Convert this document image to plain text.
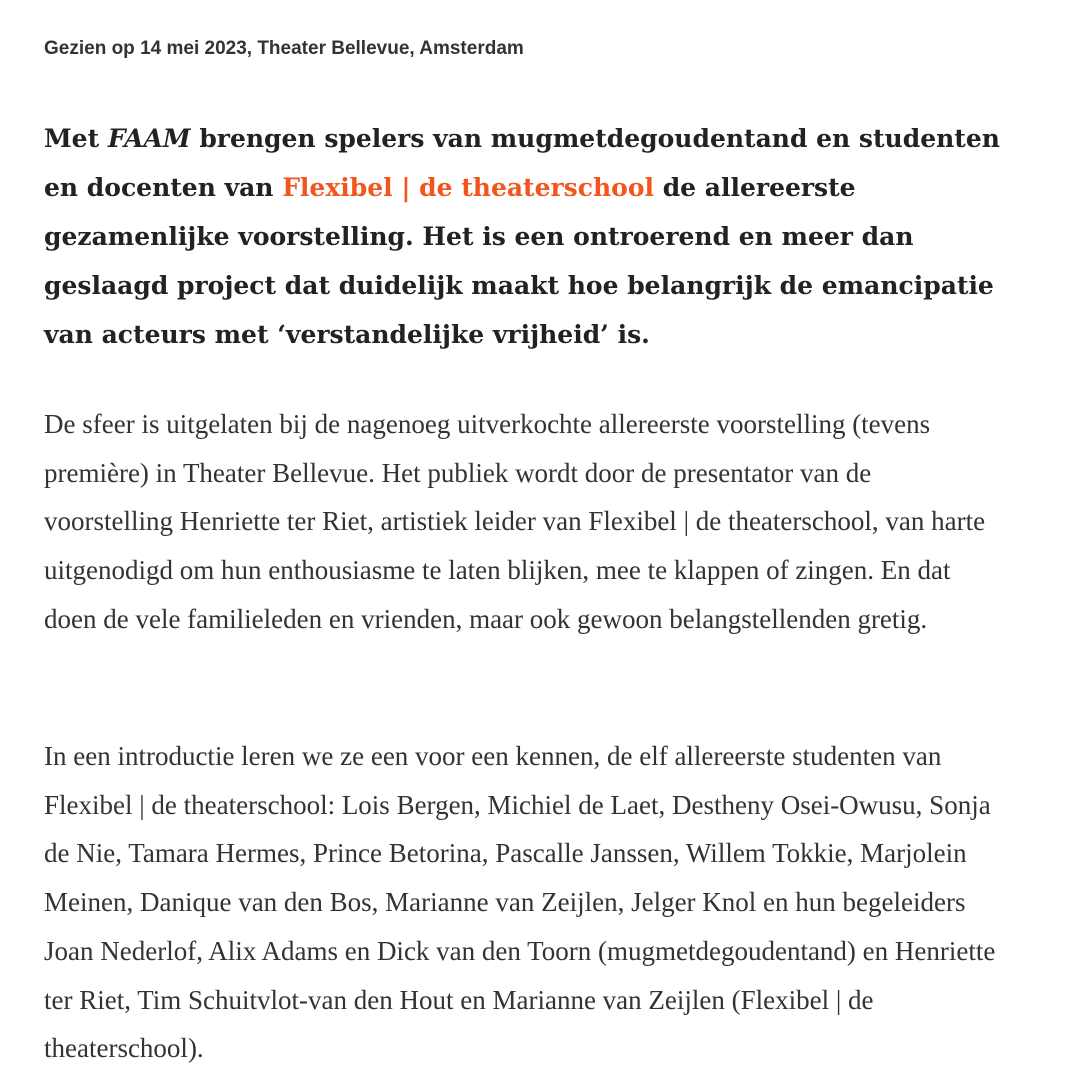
Gezien op 14 mei 2023, Theater Bellevue, Amsterdam

Met FAAM brengen spelers van mugmetdegoudentand en studenten en docenten van Flexibel | de theaterschool de allereerste gezamenlijke voorstelling. Het is een ontroerend en meer dan geslaagd project dat duidelijk maakt hoe belangrijk de emancipatie van acteurs met ‘verstandelijke vrijheid’ is.

De sfeer is uitgelaten bij de nagenoeg uitverkochte allereerste voorstelling (tevens première) in Theater Bellevue. Het publiek wordt door de presentator van de voorstelling Henriette ter Riet, artistiek leider van Flexibel | de theaterschool, van harte uitgenodigd om hun enthousiasme te laten blijken, mee te klappen of zingen. En dat doen de vele familieleden en vrienden, maar ook gewoon belangstellenden gretig.

In een introductie leren we ze een voor een kennen, de elf allereerste studenten van Flexibel | de theaterschool: Lois Bergen, Michiel de Laet, Destheny Osei-Owusu, Sonja de Nie, Tamara Hermes, Prince Betorina, Pascalle Janssen, Willem Tokkie, Marjolein Meinen, Danique van den Bos, Marianne van Zeijlen, Jelger Knol en hun begeleiders Joan Nederlof, Alix Adams en Dick van den Toorn (mugmetdegoudentand) en Henriette ter Riet, Tim Schuitvlot-van den Hout en Marianne van Zeijlen (Flexibel | de theaterschool).
